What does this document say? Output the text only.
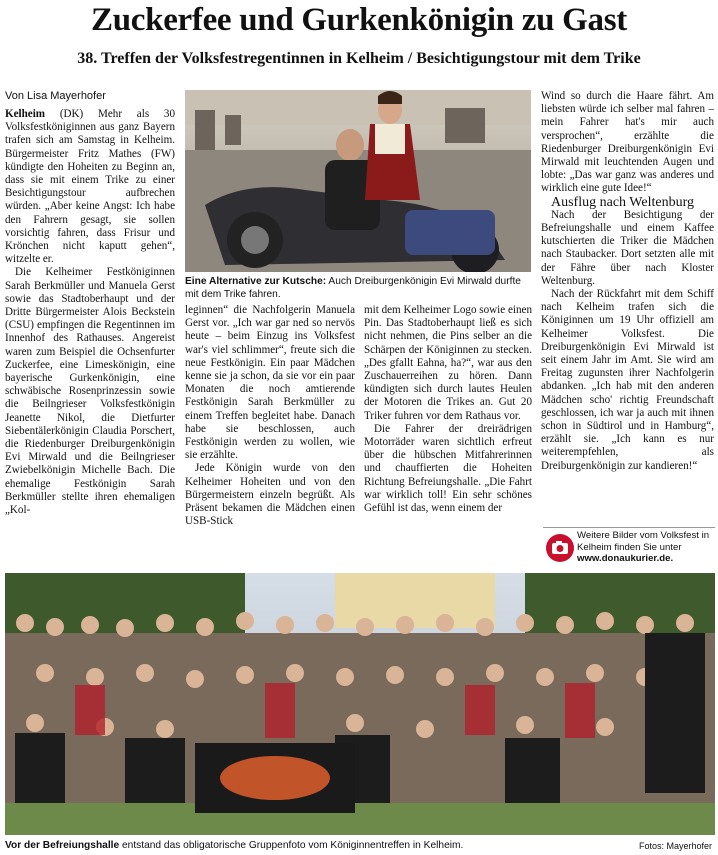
Zuckerfee und Gurkenkönigin zu Gast
38. Treffen der Volksfestregentinnen in Kelheim / Besichtigungstour mit dem Trike
Von Lisa Mayerhofer

Kelheim (DK) Mehr als 30 Volksfestköniginnen aus ganz Bayern trafen sich am Samstag in Kelheim. Bürgermeister Fritz Mathes (FW) kündigte den Hoheiten zu Beginn an, dass sie mit einem Trike zu einer Besichtigungstour aufbrechen würden. „Aber keine Angst: Ich habe den Fahrern gesagt, sie sollen vorsichtig fahren, dass Frisur und Krönchen nicht kaputt gehen“, witzelte er.

Die Kelheimer Festköniginnen Sarah Berkmüller und Manuela Gerst sowie das Stadtoberhaupt und der Dritte Bürgermeister Alois Beckstein (CSU) empfingen die Regentinnen im Innenhof des Rathauses. Angereist waren zum Beispiel die Ochsenfurter Zuckerfee, eine Limeskönigin, eine bayerische Gurkenkönigin, eine schwäbische Rosenprinzessin sowie die Beilngrieser Volksfestkönigin Jeanette Nikol, die Dietfurter Siebentälerkönigin Claudia Porschert, die Riedenburger Dreiburgenkönigin Evi Mirwald und die Beilngrieser Zwiebelkönigin Michelle Bach. Die ehemalige Festkönigin Sarah Berkmüller stellte ihren ehemaligen „Kol-

Eine Alternative zur Kutsche: Auch Dreiburgenkönigin Evi Mirwald durfte mit dem Trike fahren.

leginnen“ die Nachfolgerin Manuela Gerst vor. „Ich war gar ned so nervös heute – beim Einzug ins Volksfest war's viel schlimmer“, freute sich die neue Festkönigin. Ein paar Mädchen kenne sie ja schon, da sie vor ein paar Monaten die noch amtierende Festkönigin Sarah Berkmüller zu einem Treffen begleitet habe. Danach habe sie beschlossen, auch Festkönigin werden zu wollen, wie sie erzählte.

Jede Königin wurde von den Kelheimer Hoheiten und von den Bürgermeistern einzeln begrüßt. Als Präsent bekamen die Mädchen einen USB-Stick

mit dem Kelheimer Logo sowie einen Pin. Das Stadtoberhaupt ließ es sich nicht nehmen, die Pins selber an die Schärpen der Königinnen zu stecken. „Des gfallt Eahna, ha?“, war aus den Zuschauerreihen zu hören. Dann kündigten sich durch lautes Heulen der Motoren die Trikes an. Gut 20 Triker fuhren vor dem Rathaus vor.

Die Fahrer der dreirädrigen Motorräder waren sichtlich erfreut über die hübschen Mitfahrerinnen und chauffierten die Hoheiten Richtung Befreiungshalle. „Die Fahrt war wirklich toll! Ein sehr schönes Gefühl ist das, wenn einem der

Wind so durch die Haare fährt. Am liebsten würde ich selber mal fahren – mein Fahrer hat's mir auch versprochen“, erzählte die Riedenburger Dreiburgenkönigin Evi Mirwald mit leuchtenden Augen und lobte: „Das war ganz was anderes und wirklich eine gute Idee!“

Ausflug nach Weltenburg

Nach der Besichtigung der Befreiungshalle und einem Kaffee kutschierten die Triker die Mädchen nach Staubacker. Dort setzten alle mit der Fähre über nach Kloster Weltenburg.

Nach der Rückfahrt mit dem Schiff nach Kelheim trafen sich die Königinnen um 19 Uhr offiziell am Kelheimer Volksfest. Die Dreiburgenkönigin Evi Mirwald ist seit einem Jahr im Amt. Sie wird am Freitag zugunsten ihrer Nachfolgerin abdanken. „Ich hab mit den anderen Mädchen scho' richtig Freundschaft geschlossen, ich war ja auch mit ihnen schon in Südtirol und in Hamburg“, erzählt sie. „Ich kann es nur weiterempfehlen, als Dreiburgenkönigin zur kandieren!“

Weitere Bilder vom Volksfest in Kelheim finden Sie unter www.donaukurier.de.
Vor der Befreiungshalle entstand das obligatorische Gruppenfoto vom Königinnentreffen in Kelheim.	Fotos: Mayerhofer
